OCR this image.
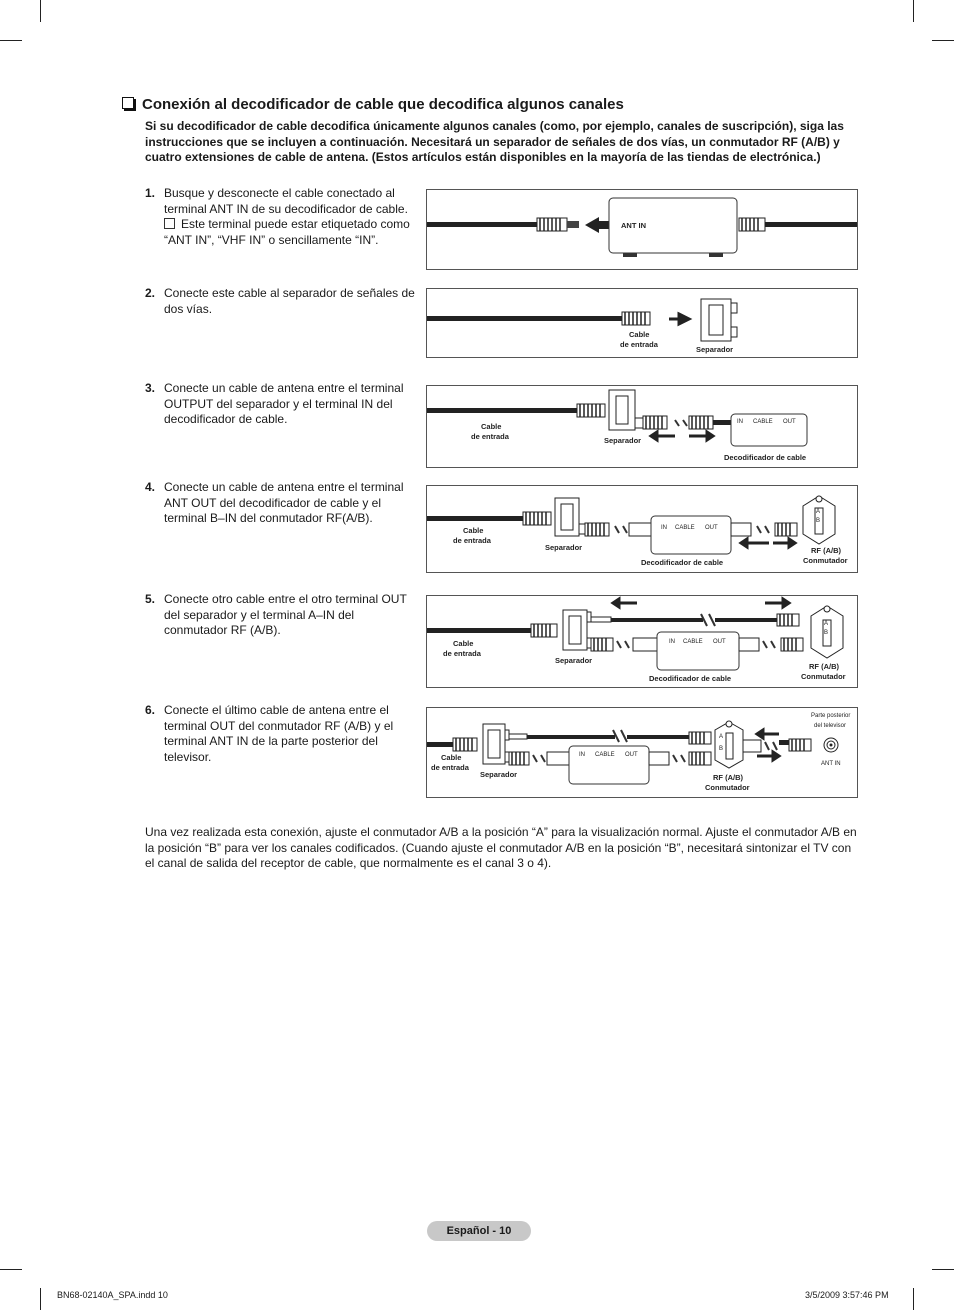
Conexión al decodificador de cable que decodifica algunos canales
Si su decodificador de cable decodifica únicamente algunos canales (como, por ejemplo, canales de suscripción), siga las instrucciones que se incluyen a continuación. Necesitará un separador de señales de dos vías, un conmutador RF (A/B) y cuatro extensiones de cable de antena. (Estos artículos están disponibles en la mayoría de las tiendas de electrónica.)
1. Busque y desconecte el cable conectado al terminal ANT IN de su decodificador de cable.
Este terminal puede estar etiquetado como “ANT IN”, “VHF IN” o sencillamente “IN”.
2. Conecte este cable al separador de señales de dos vías.
3. Conecte un cable de antena entre el terminal OUTPUT del separador y el terminal IN del decodificador de cable.
4. Conecte un cable de antena entre el terminal ANT OUT del decodificador de cable y el terminal B–IN del conmutador RF(A/B).
5. Conecte otro cable entre el otro terminal OUT del separador y el terminal A–IN del conmutador RF (A/B).
6. Conecte el último cable de antena entre el terminal OUT del conmutador RF (A/B) y el terminal ANT IN de la parte posterior del televisor.
ANT IN
Cable
de entrada
Separador
IN CABLE OUT
Cable
de entrada	Separador
Decodificador de cable
IN CABLE OUT
A
B
Cable
de entrada
Separador
Decodificador de cable
RF (A/B)
Conmutador
IN CABLE OUT
A
B
Cable
de entrada
Separador
Decodificador de cable
RF (A/B)
Conmutador
IN CABLE OUT
A
B
Parte posterior
del televisor
ANT IN
Cable
de entrada
Separador	RF (A/B)
Conmutador
Una vez realizada esta conexión, ajuste el conmutador A/B a la posición “A” para la visualización normal. Ajuste el conmutador A/B en la posición “B” para ver los canales codificados. (Cuando ajuste el conmutador A/B en la posición “B”, necesitará sintonizar el TV con el canal de salida del receptor de cable, que normalmente es el canal 3 o 4).
Español - 10
BN68-02140A_SPA.indd 10	3/5/2009 3:57:46 PM
